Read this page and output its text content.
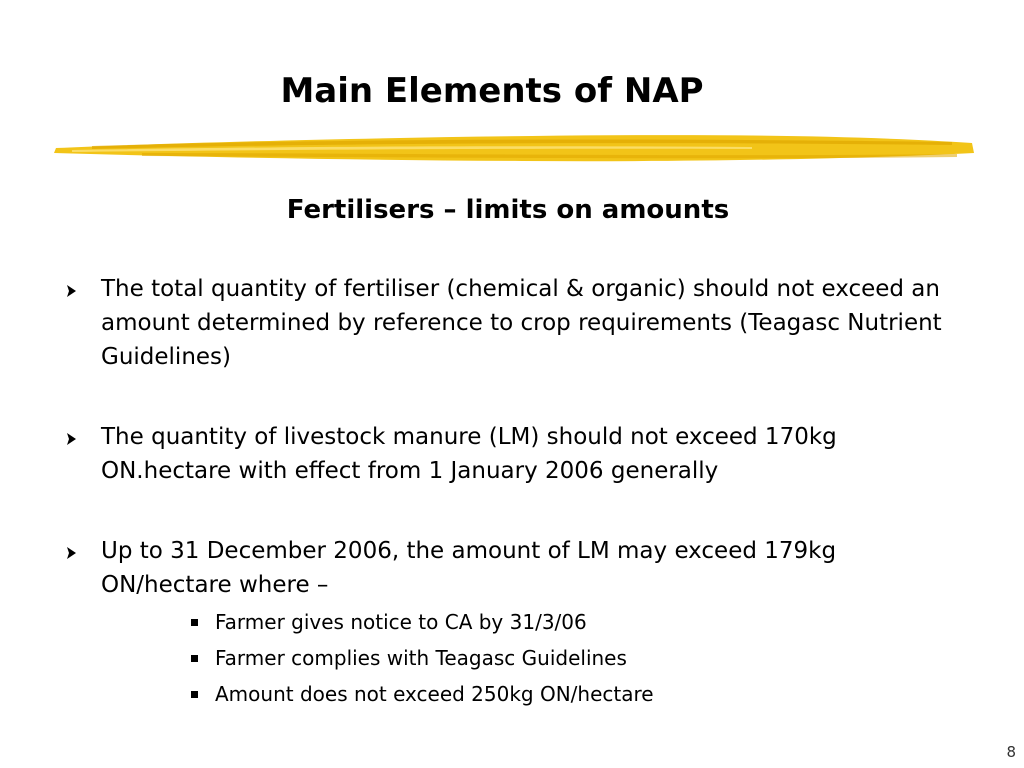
Main Elements of NAP
Fertilisers – limits on amounts
The total quantity of fertiliser (chemical & organic) should not exceed an amount determined by reference to crop requirements (Teagasc Nutrient Guidelines)
The quantity of livestock manure (LM) should not exceed 170kg ON.hectare with effect from 1 January 2006 generally
Up to 31 December 2006, the amount of LM may exceed 179kg ON/hectare where –
Farmer gives notice to CA by 31/3/06
Farmer complies with Teagasc Guidelines
Amount does not exceed 250kg ON/hectare
8
